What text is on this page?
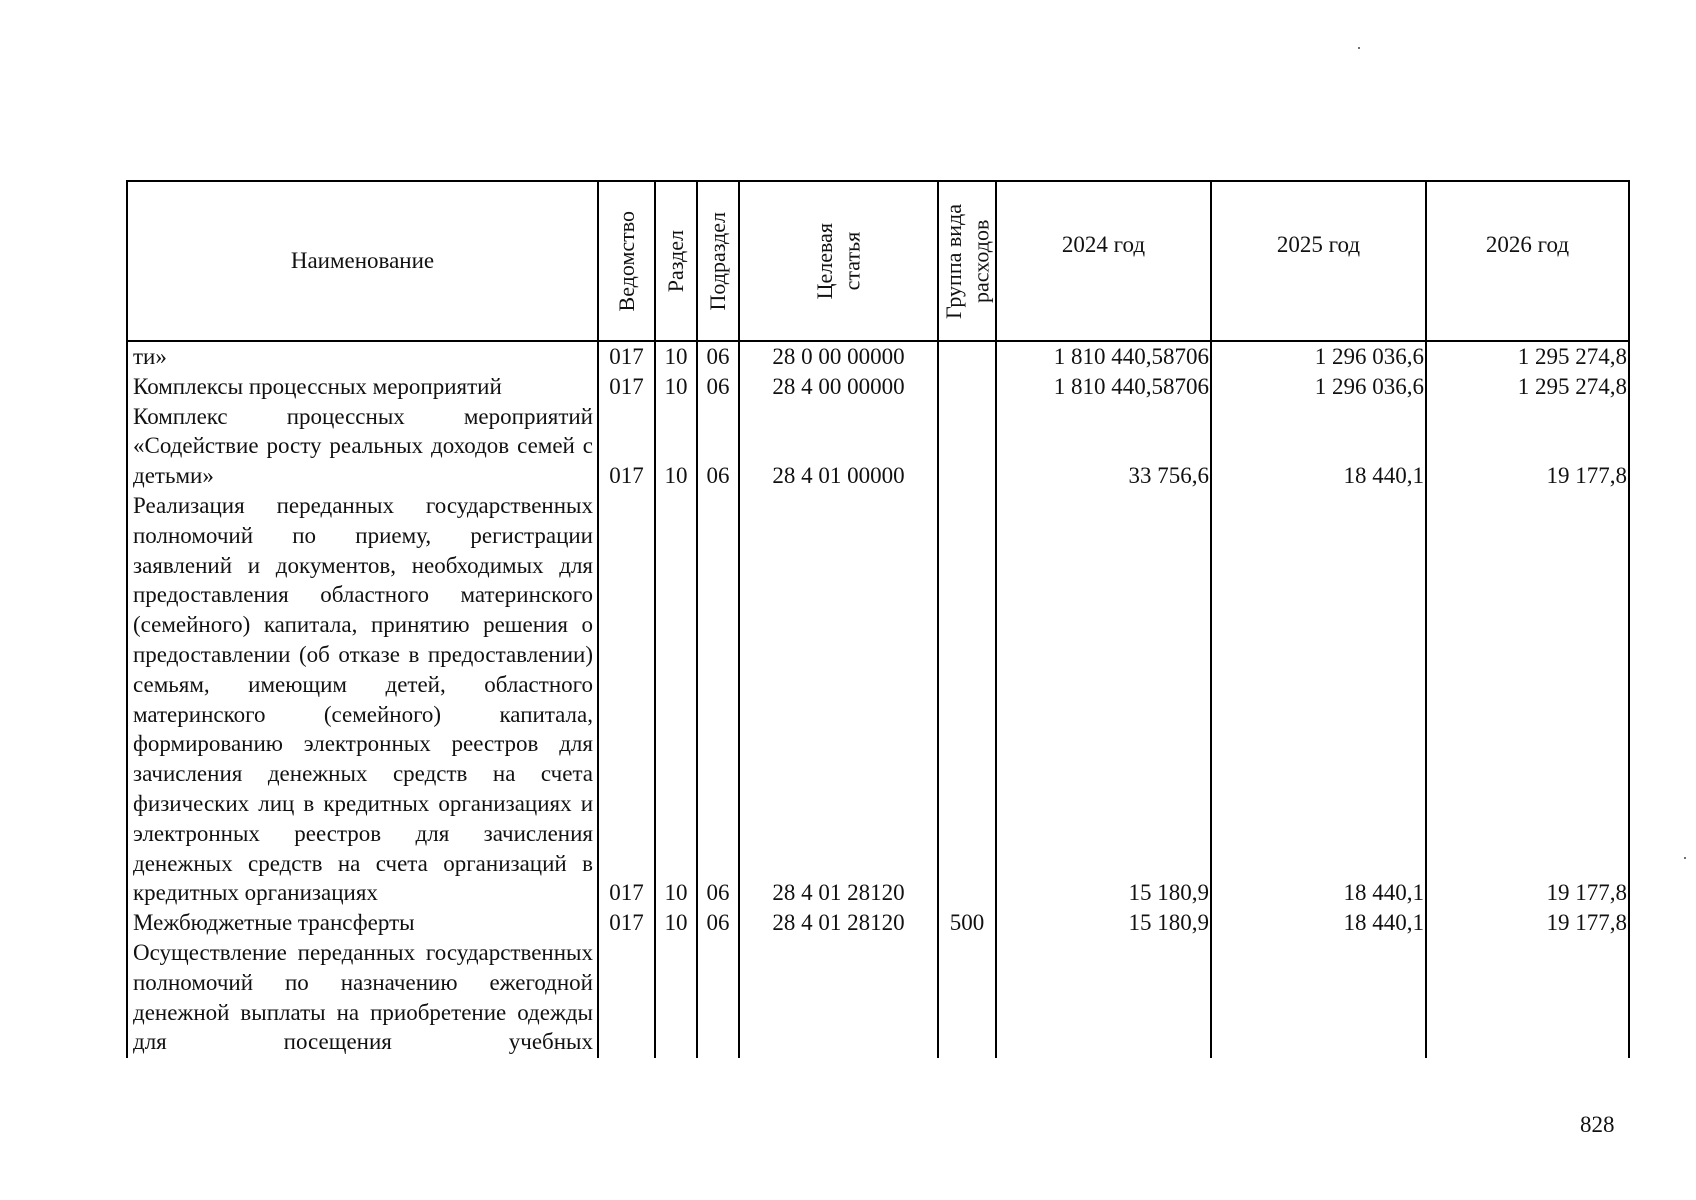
Наименование	Ведомство	Раздел	Подраздел	Целевая статья	Группа вида расходов	2024 год	2025 год	2026 год
ти»	017	10	06	28 0 00 00000		1 810 440,58706	1 296 036,6	1 295 274,8
Комплексы процессных мероприятий	017	10	06	28 4 00 00000		1 810 440,58706	1 296 036,6	1 295 274,8
Комплекс процессных мероприятий «Содействие росту реальных доходов семей с детьми»	017	10	06	28 4 01 00000		33 756,6	18 440,1	19 177,8
Реализация переданных государственных полномочий по приему, регистрации заявлений и документов, необходимых для предоставления областного материнского (семейного) капитала, принятию решения о предоставлении (об отказе в предоставлении) семьям, имеющим детей, областного материнского (семейного) капитала, формированию электронных реестров для зачисления денежных средств на счета физических лиц в кредитных организациях и электронных реестров для зачисления денежных средств на счета организаций в кредитных организациях	017	10	06	28 4 01 28120		15 180,9	18 440,1	19 177,8
Межбюджетные трансферты	017	10	06	28 4 01 28120	500	15 180,9	18 440,1	19 177,8
Осуществление переданных государственных полномочий по назначению ежегодной денежной выплаты на приобретение одежды для посещения учебных								
828
